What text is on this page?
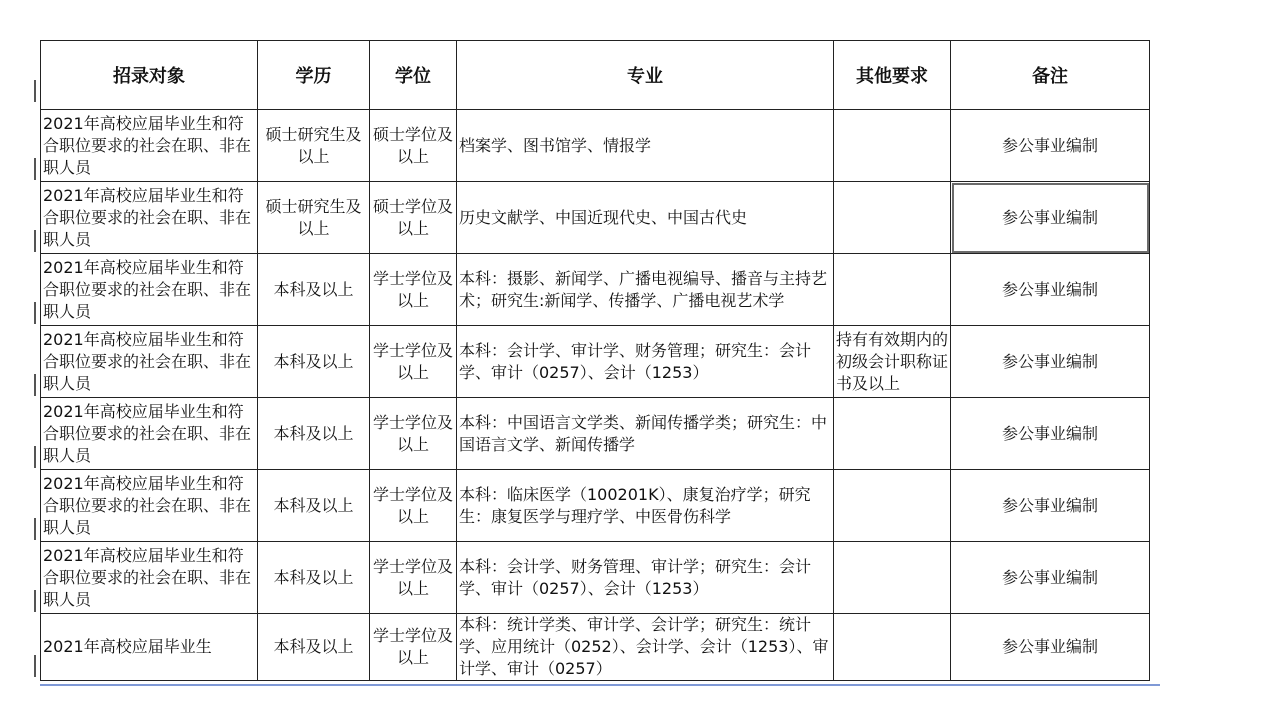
招录对象	学历	学位	专业	其他要求	备注
2021年高校应届毕业生和符合职位要求的社会在职、非在职人员	硕士研究生及以上	硕士学位及以上	档案学、图书馆学、情报学		参公事业编制
2021年高校应届毕业生和符合职位要求的社会在职、非在职人员	硕士研究生及以上	硕士学位及以上	历史文献学、中国近现代史、中国古代史		参公事业编制
2021年高校应届毕业生和符合职位要求的社会在职、非在职人员	本科及以上	学士学位及以上	本科：摄影、新闻学、广播电视编导、播音与主持艺术；研究生:新闻学、传播学、广播电视艺术学		参公事业编制
2021年高校应届毕业生和符合职位要求的社会在职、非在职人员	本科及以上	学士学位及以上	本科：会计学、审计学、财务管理；研究生：会计学、审计（0257）、会计（1253）	持有有效期内的初级会计职称证书及以上	参公事业编制
2021年高校应届毕业生和符合职位要求的社会在职、非在职人员	本科及以上	学士学位及以上	本科：中国语言文学类、新闻传播学类；研究生：中国语言文学、新闻传播学		参公事业编制
2021年高校应届毕业生和符合职位要求的社会在职、非在职人员	本科及以上	学士学位及以上	本科：临床医学（100201K）、康复治疗学；研究生：康复医学与理疗学、中医骨伤科学		参公事业编制
2021年高校应届毕业生和符合职位要求的社会在职、非在职人员	本科及以上	学士学位及以上	本科：会计学、财务管理、审计学；研究生：会计学、审计（0257）、会计（1253）		参公事业编制
2021年高校应届毕业生	本科及以上	学士学位及以上	本科：统计学类、审计学、会计学；研究生：统计学、应用统计（0252）、会计学、会计（1253）、审计学、审计（0257）		参公事业编制
